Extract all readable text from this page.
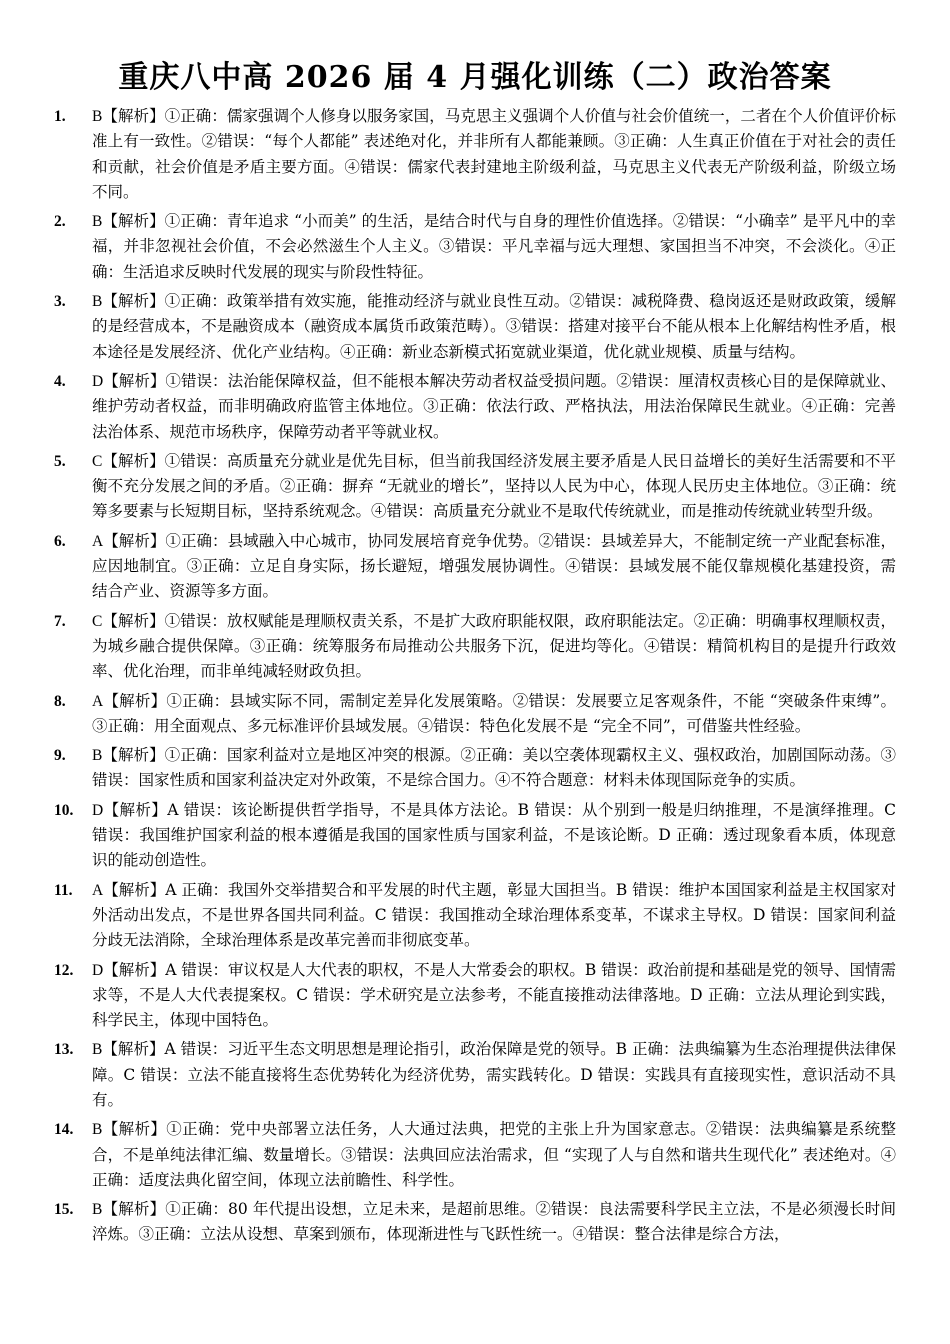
重庆八中高 2026 届 4 月强化训练（二）政治答案
1. B【解析】①正确：儒家强调个人修身以服务家国，马克思主义强调个人价值与社会价值统一，二者在个人价值评价标准上有一致性。②错误：“每个人都能” 表述绝对化，并非所有人都能兼顾。③正确：人生真正价值在于对社会的责任和贡献，社会价值是矛盾主要方面。④错误：儒家代表封建地主阶级利益，马克思主义代表无产阶级利益，阶级立场不同。
2. B【解析】①正确：青年追求 “小而美” 的生活，是结合时代与自身的理性价值选择。②错误：“小确幸” 是平凡中的幸福，并非忽视社会价值，不会必然滋生个人主义。③错误：平凡幸福与远大理想、家国担当不冲突，不会淡化。④正确：生活追求反映时代发展的现实与阶段性特征。
3. B【解析】①正确：政策举措有效实施，能推动经济与就业良性互动。②错误：减税降费、稳岗返还是财政政策，缓解的是经营成本，不是融资成本（融资成本属货币政策范畴）。③错误：搭建对接平台不能从根本上化解结构性矛盾，根本途径是发展经济、优化产业结构。④正确：新业态新模式拓宽就业渠道，优化就业规模、质量与结构。
4. D【解析】①错误：法治能保障权益，但不能根本解决劳动者权益受损问题。②错误：厘清权责核心目的是保障就业、维护劳动者权益，而非明确政府监管主体地位。③正确：依法行政、严格执法，用法治保障民生就业。④正确：完善法治体系、规范市场秩序，保障劳动者平等就业权。
5. C【解析】①错误：高质量充分就业是优先目标，但当前我国经济发展主要矛盾是人民日益增长的美好生活需要和不平衡不充分发展之间的矛盾。②正确：摒弃 “无就业的增长”，坚持以人民为中心，体现人民历史主体地位。③正确：统筹多要素与长短期目标，坚持系统观念。④错误：高质量充分就业不是取代传统就业，而是推动传统就业转型升级。
6. A【解析】①正确：县域融入中心城市，协同发展培育竞争优势。②错误：县域差异大，不能制定统一产业配套标准，应因地制宜。③正确：立足自身实际，扬长避短，增强发展协调性。④错误：县域发展不能仅靠规模化基建投资，需结合产业、资源等多方面。
7. C【解析】①错误：放权赋能是理顺权责关系，不是扩大政府职能权限，政府职能法定。②正确：明确事权理顺权责，为城乡融合提供保障。③正确：统筹服务布局推动公共服务下沉，促进均等化。④错误：精简机构目的是提升行政效率、优化治理，而非单纯减轻财政负担。
8. A【解析】①正确：县域实际不同，需制定差异化发展策略。②错误：发展要立足客观条件，不能 “突破条件束缚”。③正确：用全面观点、多元标准评价县域发展。④错误：特色化发展不是 “完全不同”，可借鉴共性经验。
9. B【解析】①正确：国家利益对立是地区冲突的根源。②正确：美以空袭体现霸权主义、强权政治，加剧国际动荡。③错误：国家性质和国家利益决定对外政策，不是综合国力。④不符合题意：材料未体现国际竞争的实质。
10. D【解析】A 错误：该论断提供哲学指导，不是具体方法论。B 错误：从个别到一般是归纳推理，不是演绎推理。C 错误：我国维护国家利益的根本遵循是我国的国家性质与国家利益，不是该论断。D 正确：透过现象看本质，体现意识的能动创造性。
11. A【解析】A 正确：我国外交举措契合和平发展的时代主题，彰显大国担当。B 错误：维护本国国家利益是主权国家对外活动出发点，不是世界各国共同利益。C 错误：我国推动全球治理体系变革，不谋求主导权。D 错误：国家间利益分歧无法消除，全球治理体系是改革完善而非彻底变革。
12. D【解析】A 错误：审议权是人大代表的职权，不是人大常委会的职权。B 错误：政治前提和基础是党的领导、国情需求等，不是人大代表提案权。C 错误：学术研究是立法参考，不能直接推动法律落地。D 正确：立法从理论到实践，科学民主，体现中国特色。
13. B【解析】A 错误：习近平生态文明思想是理论指引，政治保障是党的领导。B 正确：法典编纂为生态治理提供法律保障。C 错误：立法不能直接将生态优势转化为经济优势，需实践转化。D 错误：实践具有直接现实性，意识活动不具有。
14. B【解析】①正确：党中央部署立法任务，人大通过法典，把党的主张上升为国家意志。②错误：法典编纂是系统整合，不是单纯法律汇编、数量增长。③错误：法典回应法治需求，但 “实现了人与自然和谐共生现代化” 表述绝对。④正确：适度法典化留空间，体现立法前瞻性、科学性。
15. B【解析】①正确：80 年代提出设想，立足未来，是超前思维。②错误：良法需要科学民主立法，不是必须漫长时间淬炼。③正确：立法从设想、草案到颁布，体现渐进性与飞跃性统一。④错误：整合法律是综合方法，
